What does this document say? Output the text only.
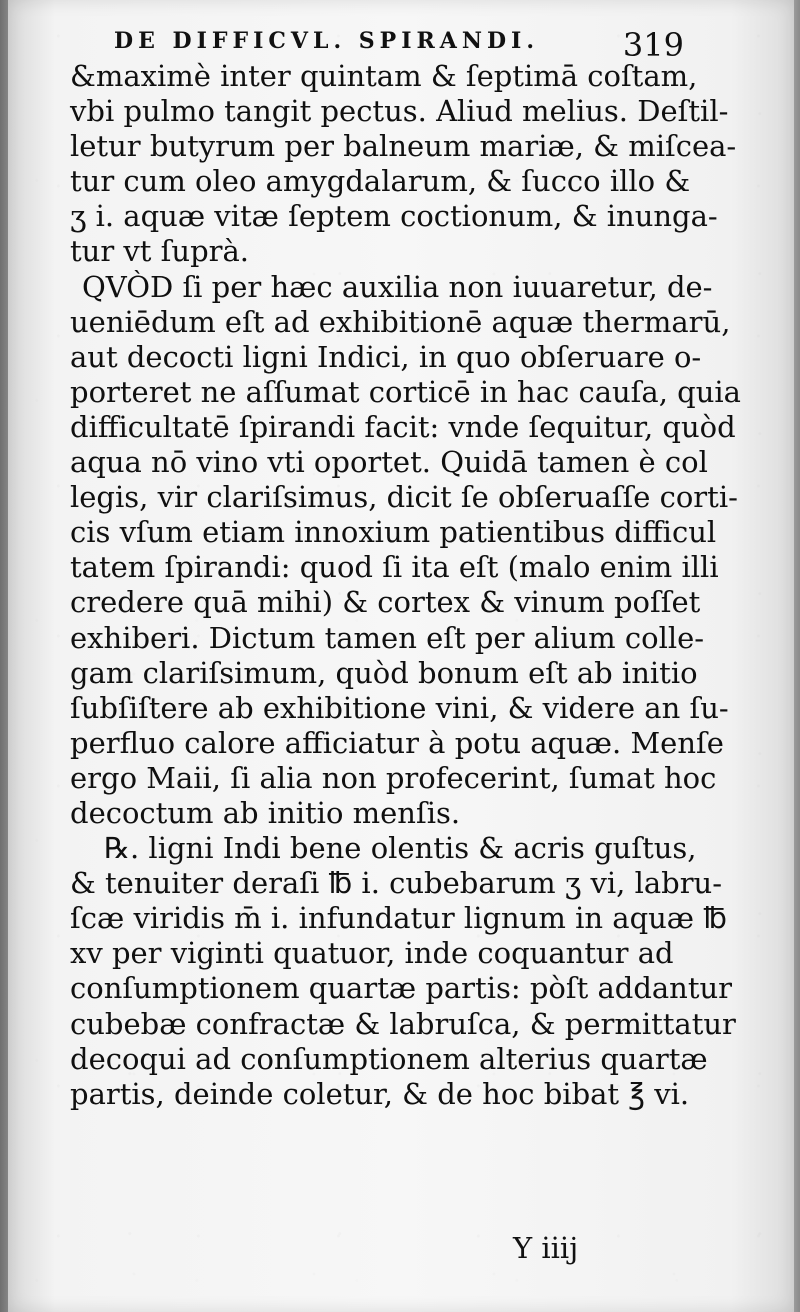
DE DIFFICVL. SPIRANDI.	319
&maximè inter quintam & ſeptimā coſtam,
vbi pulmo tangit pectus. Aliud melius. Deſtil-
letur butyrum per balneum mariæ, & miſcea-
tur cum oleo amygdalarum, & ſucco illo &
ʒ i. aquæ vitæ ſeptem coctionum, & inunga-
tur vt ſuprà.
QVÒD ſi per hæc auxilia non iuuaretur, de-
ueniēdum eſt ad exhibitionē aquæ thermarū,
aut decocti ligni Indici, in quo obſeruare o-
porteret ne aſſumat corticē in hac cauſa, quia
difficultatē ſpirandi facit: vnde ſequitur, quòd
aqua nō vino vti oportet. Quidā tamen è col
legis, vir clariſsimus, dicit ſe obſeruaſſe corti-
cis vſum etiam innoxium patientibus difficul
tatem ſpirandi: quod ſi ita eſt (malo enim illi
credere quā mihi) & cortex & vinum poſſet
exhiberi. Dictum tamen eſt per alium colle-
gam clariſsimum, quòd bonum eſt ab initio
ſubſiſtere ab exhibitione vini, & videre an ſu-
perfluo calore afficiatur à potu aquæ. Menſe
ergo Maii, ſi alia non profecerint, ſumat hoc
decoctum ab initio menſis.
℞. ligni Indi bene olentis & acris guſtus,
& tenuiter deraſi ℔ i. cubebarum ʒ vi, labru-
ſcæ viridis m̄ i. infundatur lignum in aquæ ℔
xv per viginti quatuor, inde coquantur ad
conſumptionem quartæ partis: pòſt addantur
cubebæ confractæ & labruſca, & permittatur
decoqui ad conſumptionem alterius quartæ
partis, deinde coletur, & de hoc bibat ℥ vi.
Y iiij
